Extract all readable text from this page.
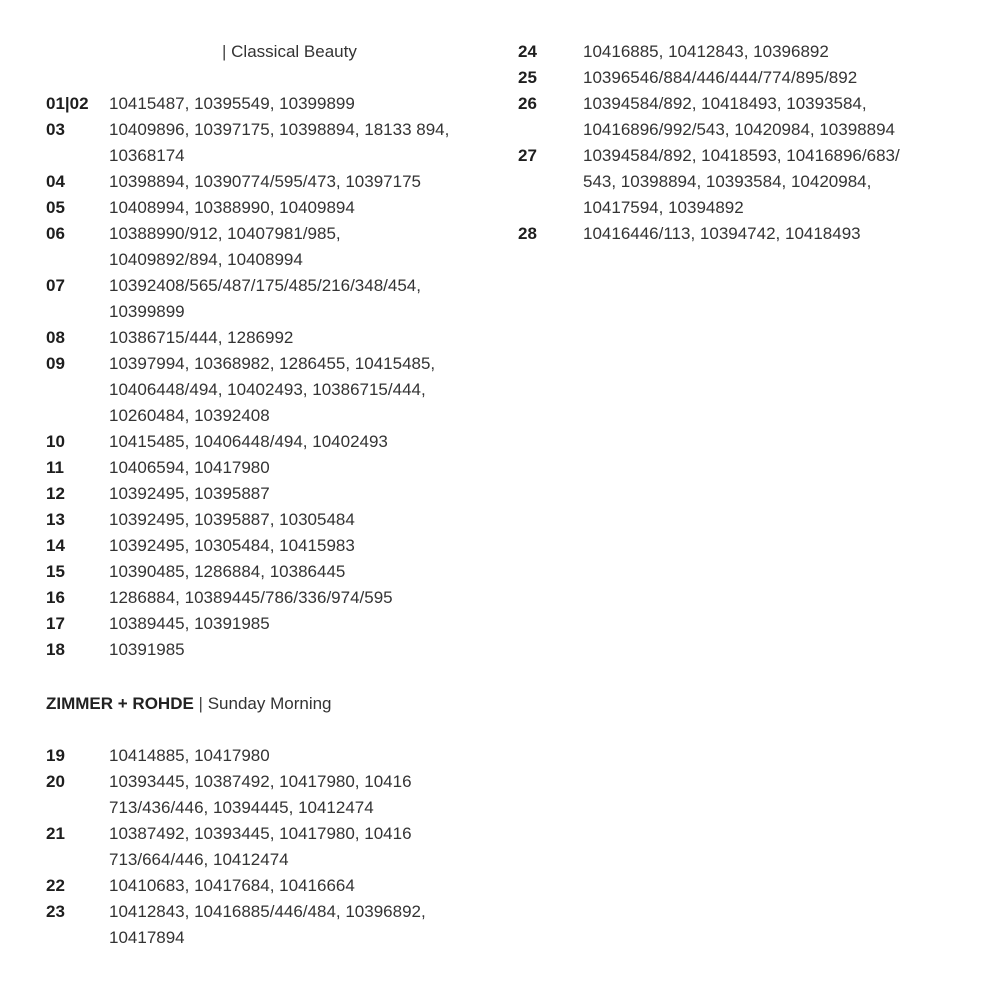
| Classical Beauty
01|02	10415487, 10395549, 10399899
03	10409896, 10397175, 10398894, 18133 894,
10368174
04	10398894, 10390774/595/473, 10397175
05	10408994, 10388990, 10409894
06	10388990/912, 10407981/985,
10409892/894, 10408994
07	10392408/565/487/175/485/216/348/454,
10399899
08	10386715/444, 1286992
09	10397994, 10368982, 1286455, 10415485,
10406448/494, 10402493, 10386715/444,
10260484, 10392408
10	10415485, 10406448/494, 10402493
11	10406594, 10417980
12	10392495, 10395887
13	10392495, 10395887, 10305484
14	10392495, 10305484, 10415983
15	10390485, 1286884, 10386445
16	1286884, 10389445/786/336/974/595
17	10389445, 10391985
18	10391985
ZIMMER + ROHDE | Sunday Morning
19	10414885, 10417980
20	10393445, 10387492, 10417980, 10416
713/436/446, 10394445, 10412474
21	10387492, 10393445, 10417980, 10416
713/664/446, 10412474
22	10410683, 10417684, 10416664
23	10412843, 10416885/446/484, 10396892,
10417894
24	10416885, 10412843, 10396892
25	10396546/884/446/444/774/895/892
26	10394584/892, 10418493, 10393584,
10416896/992/543, 10420984, 10398894
27	10394584/892, 10418593, 10416896/683/
543, 10398894, 10393584, 10420984,
10417594, 10394892
28	10416446/113, 10394742, 10418493
